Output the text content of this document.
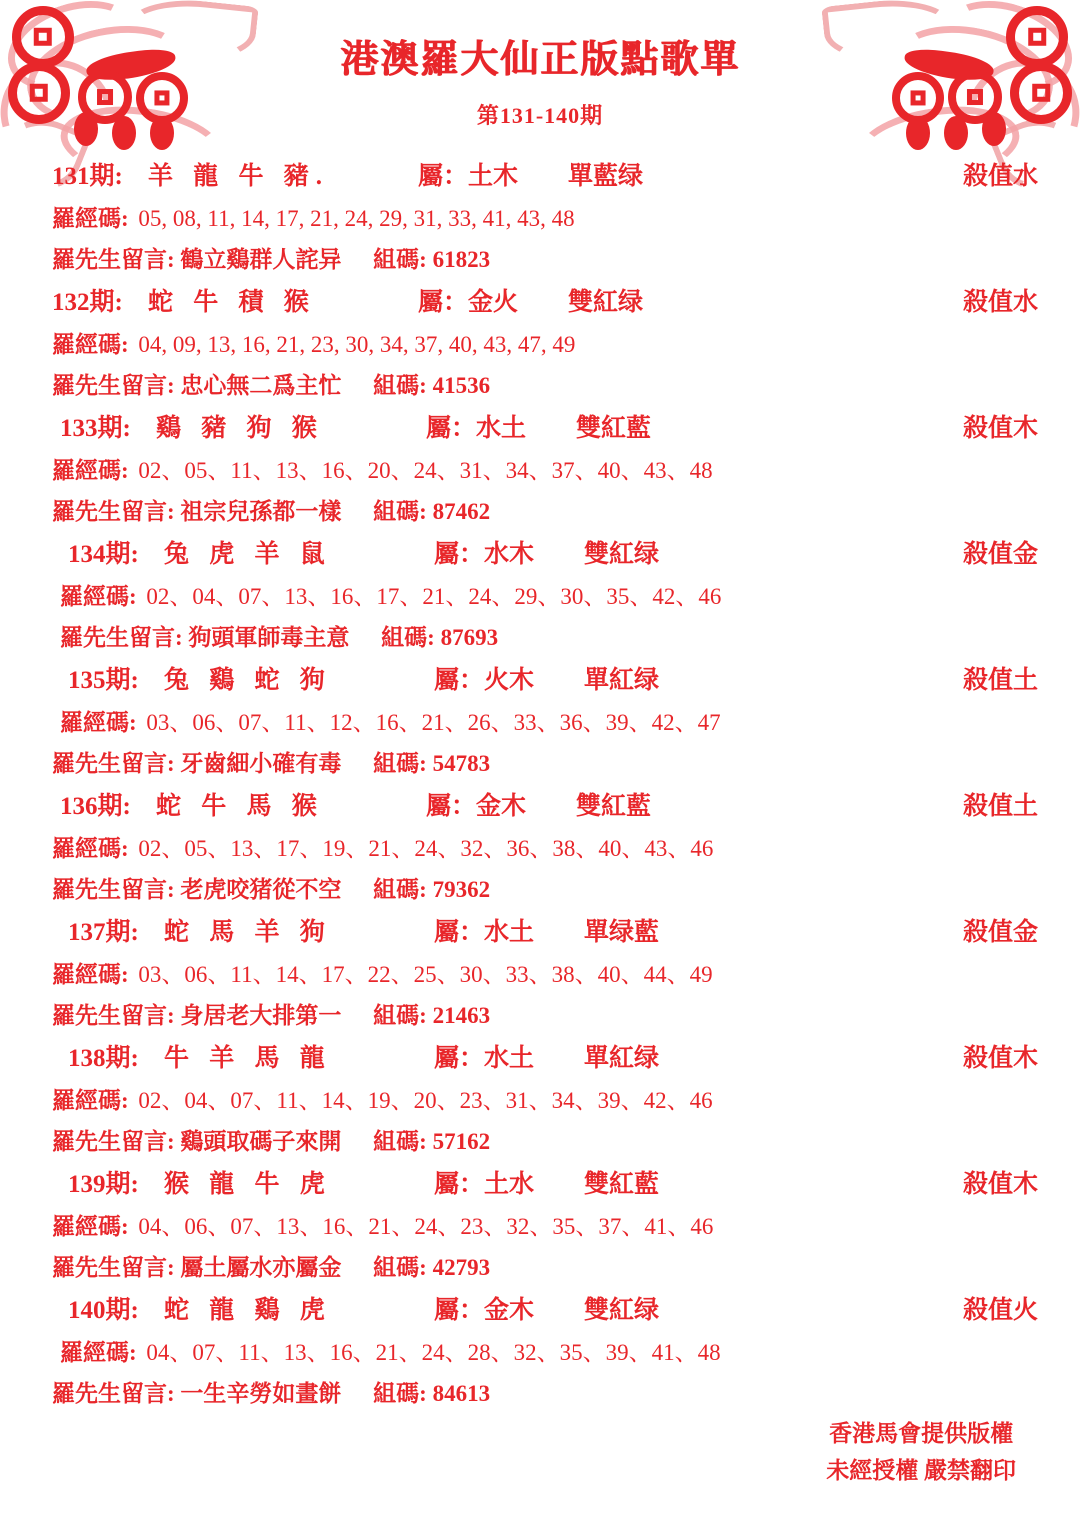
港澳羅大仙正版點歌單
第131-140期
131期:	羊 龍 牛 豬.	屬：土木	單藍绿	殺值水
羅經碼: 05, 08, 11, 14, 17, 21, 24, 29, 31, 33, 41, 43, 48
羅先生留言: 鶴立鷄群人詫异 組碼: 61823
132期:	蛇 牛 積 猴	屬：金火	雙紅绿	殺值水
羅經碼: 04, 09, 13, 16, 21, 23, 30, 34, 37, 40, 43, 47, 49
羅先生留言: 忠心無二爲主忙 組碼: 41536
133期:	鷄 豬 狗 猴	屬：水土	雙紅藍	殺值木
羅經碼: 02、05、11、13、16、20、24、31、34、37、40、43、48
羅先生留言: 祖宗兒孫都一樣 組碼: 87462
134期:	兔 虎 羊 鼠	屬：水木	雙紅绿	殺值金
羅經碼: 02、04、07、13、16、17、21、24、29、30、35、42、46
羅先生留言: 狗頭軍師毒主意 組碼: 87693
135期:	兔 鷄 蛇 狗	屬：火木	單紅绿	殺值土
羅經碼: 03、06、07、11、12、16、21、26、33、36、39、42、47
羅先生留言: 牙齒細小確有毒 組碼: 54783
136期:	蛇 牛 馬 猴	屬：金木	雙紅藍	殺值土
羅經碼: 02、05、13、17、19、21、24、32、36、38、40、43、46
羅先生留言: 老虎咬猪從不空 組碼: 79362
137期:	蛇 馬 羊 狗	屬：水土	單绿藍	殺值金
羅經碼: 03、06、11、14、17、22、25、30、33、38、40、44、49
羅先生留言: 身居老大排第一 組碼: 21463
138期:	牛 羊 馬 龍	屬：水土	單紅绿	殺值木
羅經碼: 02、04、07、11、14、19、20、23、31、34、39、42、46
羅先生留言: 鷄頭取碼子來開 組碼: 57162
139期:	猴 龍 牛 虎	屬：土水	雙紅藍	殺值木
羅經碼: 04、06、07、13、16、21、24、23、32、35、37、41、46
羅先生留言: 屬土屬水亦屬金 組碼: 42793
140期:	蛇 龍 鷄 虎	屬：金木	雙紅绿	殺值火
羅經碼: 04、07、11、13、16、21、24、28、32、35、39、41、48
羅先生留言: 一生辛勞如畫餅 組碼: 84613
香港馬會提供版權
未經授權 嚴禁翻印
